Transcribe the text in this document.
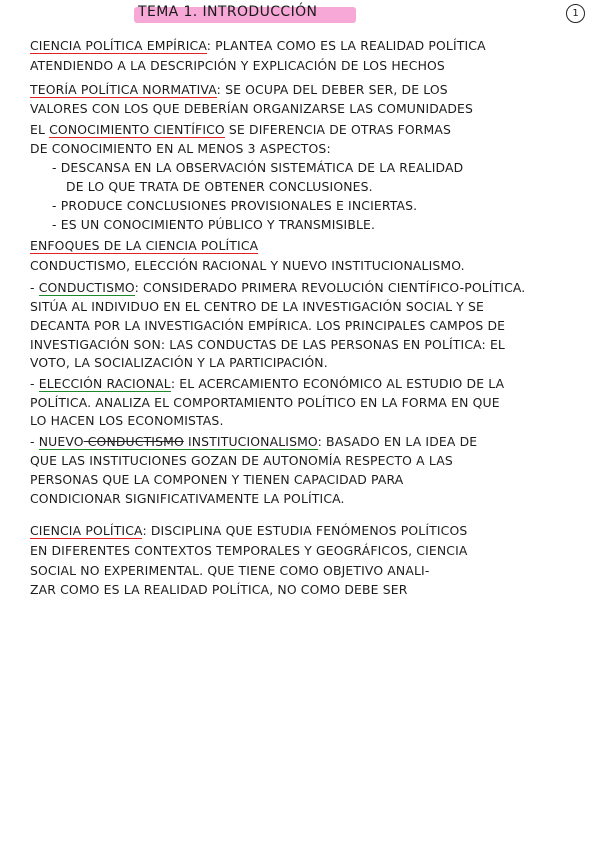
TEMA 1. INTRODUCCIÓN	1
CIENCIA POLÍTICA EMPÍRICA: PLANTEA COMO ES LA REALIDAD POLÍTICA
ATENDIENDO A LA DESCRIPCIÓN Y EXPLICACIÓN DE LOS HECHOS
TEORÍA POLÍTICA NORMATIVA: SE OCUPA DEL DEBER SER, DE LOS
VALORES CON LOS QUE DEBERÍAN ORGANIZARSE LAS COMUNIDADES
EL CONOCIMIENTO CIENTÍFICO SE DIFERENCIA DE OTRAS FORMAS
DE CONOCIMIENTO EN AL MENOS 3 ASPECTOS:
- DESCANSA EN LA OBSERVACIÓN SISTEMÁTICA DE LA REALIDAD
DE LO QUE TRATA DE OBTENER CONCLUSIONES.
- PRODUCE CONCLUSIONES PROVISIONALES E INCIERTAS.
- ES UN CONOCIMIENTO PÚBLICO Y TRANSMISIBLE.
ENFOQUES DE LA CIENCIA POLÍTICA
CONDUCTISMO, ELECCIÓN RACIONAL Y NUEVO INSTITUCIONALISMO.
- CONDUCTISMO: CONSIDERADO PRIMERA REVOLUCIÓN CIENTÍFICO-POLÍTICA.
SITÚA AL INDIVIDUO EN EL CENTRO DE LA INVESTIGACIÓN SOCIAL Y SE
DECANTA POR LA INVESTIGACIÓN EMPÍRICA. LOS PRINCIPALES CAMPOS DE
INVESTIGACIÓN SON: LAS CONDUCTAS DE LAS PERSONAS EN POLÍTICA: EL
VOTO, LA SOCIALIZACIÓN Y LA PARTICIPACIÓN.
- ELECCIÓN RACIONAL: EL ACERCAMIENTO ECONÓMICO AL ESTUDIO DE LA
POLÍTICA. ANALIZA EL COMPORTAMIENTO POLÍTICO EN LA FORMA EN QUE
LO HACEN LOS ECONOMISTAS.
- NUEVO CONDUCTISMO INSTITUCIONALISMO: BASADO EN LA IDEA DE
QUE LAS INSTITUCIONES GOZAN DE AUTONOMÍA RESPECTO A LAS
PERSONAS QUE LA COMPONEN Y TIENEN CAPACIDAD PARA
CONDICIONAR SIGNIFICATIVAMENTE LA POLÍTICA.
CIENCIA POLÍTICA: DISCIPLINA QUE ESTUDIA FENÓMENOS POLÍTICOS
EN DIFERENTES CONTEXTOS TEMPORALES Y GEOGRÁFICOS, CIENCIA
SOCIAL NO EXPERIMENTAL. QUE TIENE COMO OBJETIVO ANALI-
ZAR COMO ES LA REALIDAD POLÍTICA, NO COMO DEBE SER
